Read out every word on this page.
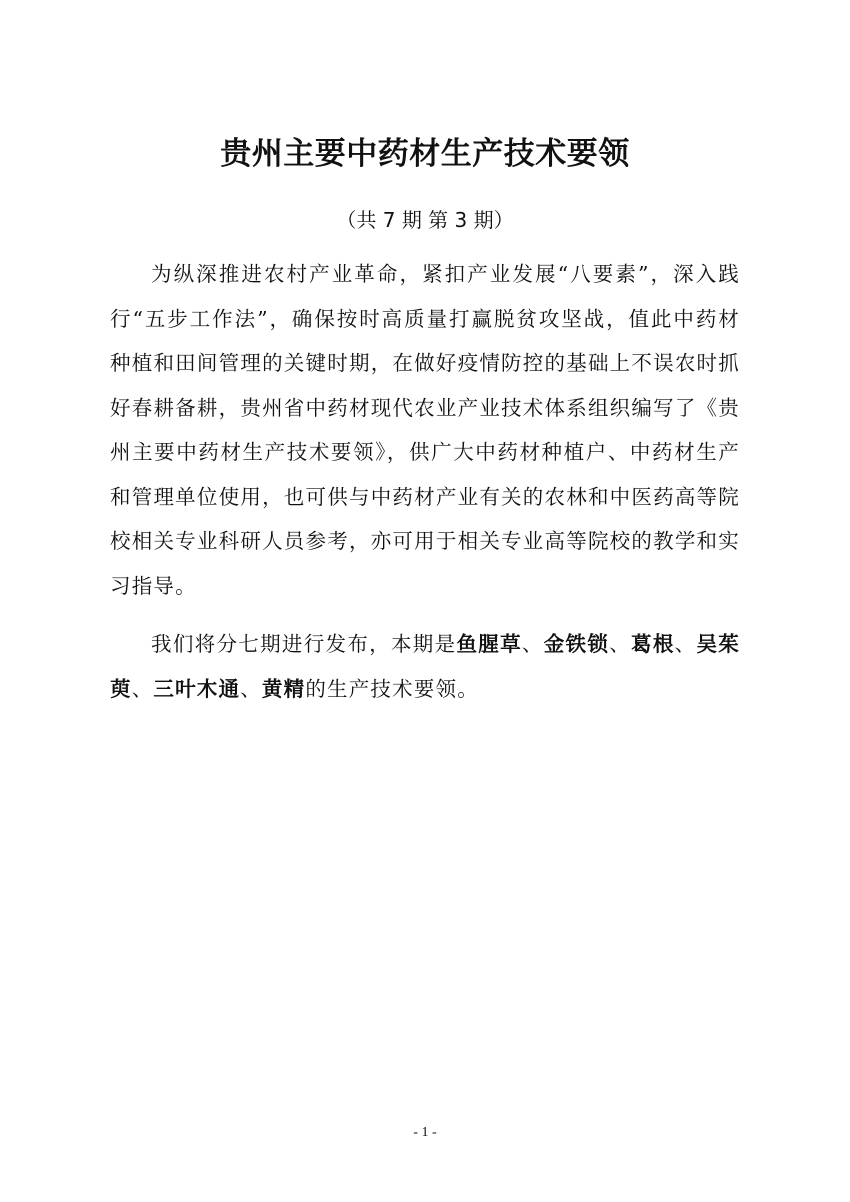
贵州主要中药材生产技术要领
（共 7 期 第 3 期）

为纵深推进农村产业革命，紧扣产业发展“八要素”，深入践行“五步工作法”，确保按时高质量打赢脱贫攻坚战，值此中药材种植和田间管理的关键时期，在做好疫情防控的基础上不误农时抓好春耕备耕，贵州省中药材现代农业产业技术体系组织编写了《贵州主要中药材生产技术要领》，供广大中药材种植户、中药材生产和管理单位使用，也可供与中药材产业有关的农林和中医药高等院校相关专业科研人员参考，亦可用于相关专业高等院校的教学和实习指导。

我们将分七期进行发布，本期是鱼腥草、金铁锁、葛根、吴茱萸、三叶木通、黄精的生产技术要领。

- 1 -
